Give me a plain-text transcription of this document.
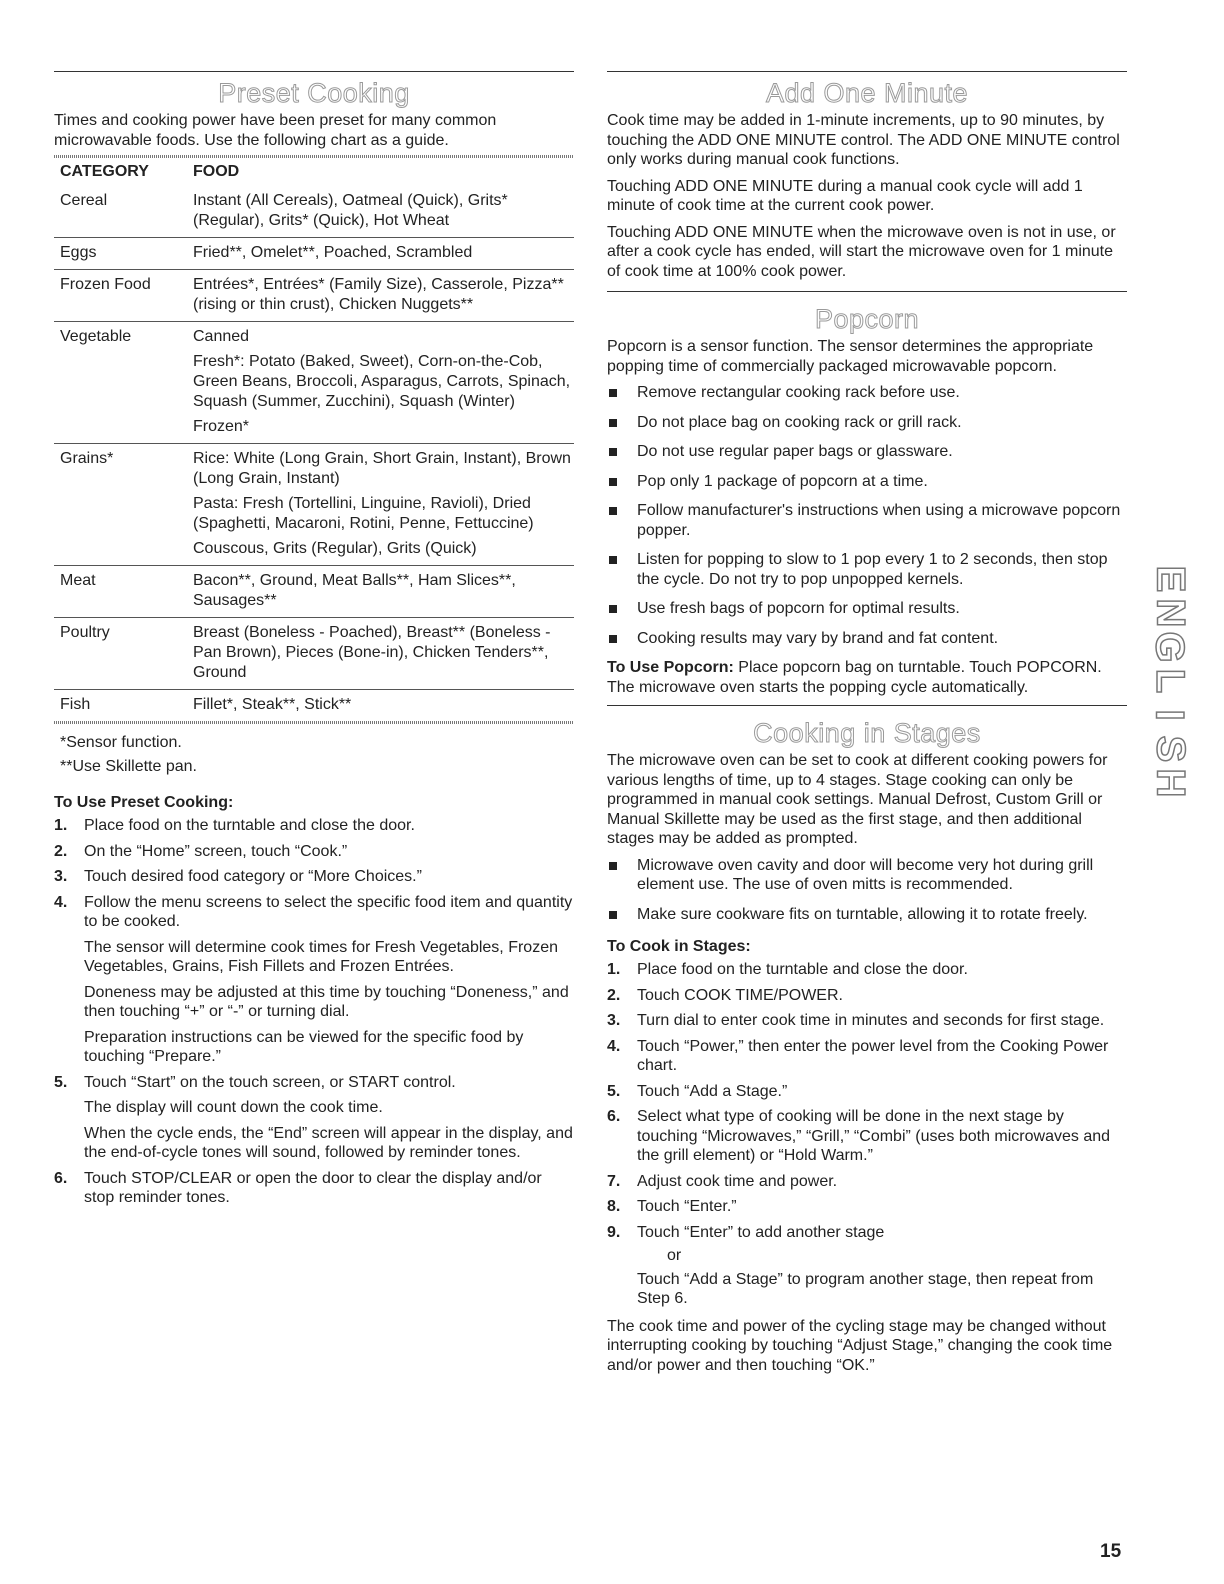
Preset Cooking

Times and cooking power have been preset for many common microwavable foods. Use the following chart as a guide.

CATEGORY	FOOD
Cereal	Instant (All Cereals), Oatmeal (Quick), Grits* (Regular), Grits* (Quick), Hot Wheat

Eggs	Fried**, Omelet**, Poached, Scrambled

Frozen Food	Entrées*, Entrées* (Family Size), Casserole, Pizza** (rising or thin crust), Chicken Nuggets**

Vegetable	Canned
Fresh*: Potato (Baked, Sweet), Corn-on-the-Cob, Green Beans, Broccoli, Asparagus, Carrots, Spinach, Squash (Summer, Zucchini), Squash (Winter)
Frozen*

Grains*	Rice: White (Long Grain, Short Grain, Instant), Brown (Long Grain, Instant)
Pasta: Fresh (Tortellini, Linguine, Ravioli), Dried (Spaghetti, Macaroni, Rotini, Penne, Fettuccine)
Couscous, Grits (Regular), Grits (Quick)

Meat	Bacon**, Ground, Meat Balls**, Ham Slices**, Sausages**

Poultry	Breast (Boneless - Poached), Breast** (Boneless - Pan Brown), Pieces (Bone-in), Chicken Tenders**, Ground

Fish	Fillet*, Steak**, Stick**
*Sensor function.
**Use Skillette pan.
To Use Preset Cooking:
1. Place food on the turntable and close the door.
2. On the “Home” screen, touch “Cook.”
3. Touch desired food category or “More Choices.”
4. Follow the menu screens to select the specific food item and quantity to be cooked.
The sensor will determine cook times for Fresh Vegetables, Frozen Vegetables, Grains, Fish Fillets and Frozen Entrées.
Doneness may be adjusted at this time by touching “Doneness,” and then touching “+” or “-” or turning dial.
Preparation instructions can be viewed for the specific food by touching “Prepare.”
5. Touch “Start” on the touch screen, or START control.
The display will count down the cook time.
When the cycle ends, the “End” screen will appear in the display, and the end-of-cycle tones will sound, followed by reminder tones.
6. Touch STOP/CLEAR or open the door to clear the display and/or stop reminder tones.
Add One Minute

Cook time may be added in 1-minute increments, up to 90 minutes, by touching the ADD ONE MINUTE control. The ADD ONE MINUTE control only works during manual cook functions.

Touching ADD ONE MINUTE during a manual cook cycle will add 1 minute of cook time at the current cook power.

Touching ADD ONE MINUTE when the microwave oven is not in use, or after a cook cycle has ended, will start the microwave oven for 1 minute of cook time at 100% cook power.

Popcorn

Popcorn is a sensor function. The sensor determines the appropriate popping time of commercially packaged microwavable popcorn.

Remove rectangular cooking rack before use.
Do not place bag on cooking rack or grill rack.
Do not use regular paper bags or glassware.
Pop only 1 package of popcorn at a time.
Follow manufacturer's instructions when using a microwave popcorn popper.
Listen for popping to slow to 1 pop every 1 to 2 seconds, then stop the cycle. Do not try to pop unpopped kernels.
Use fresh bags of popcorn for optimal results.
Cooking results may vary by brand and fat content.

To Use Popcorn: Place popcorn bag on turntable. Touch POPCORN. The microwave oven starts the popping cycle automatically.

Cooking in Stages

The microwave oven can be set to cook at different cooking powers for various lengths of time, up to 4 stages. Stage cooking can only be programmed in manual cook settings. Manual Defrost, Custom Grill or Manual Skillette may be used as the first stage, and then additional stages may be added as prompted.

Microwave oven cavity and door will become very hot during grill element use. The use of oven mitts is recommended.
Make sure cookware fits on turntable, allowing it to rotate freely.
To Cook in Stages:
1. Place food on the turntable and close the door.
2. Touch COOK TIME/POWER.
3. Turn dial to enter cook time in minutes and seconds for first stage.
4. Touch “Power,” then enter the power level from the Cooking Power chart.
5. Touch “Add a Stage.”
6. Select what type of cooking will be done in the next stage by touching “Microwaves,” “Grill,” “Combi” (uses both microwaves and the grill element) or “Hold Warm.”
7. Adjust cook time and power.
8. Touch “Enter.”
9. Touch “Enter” to add another stage
or
Touch “Add a Stage” to program another stage, then repeat from Step 6.

The cook time and power of the cycling stage may be changed without interrupting cooking by touching “Adjust Stage,” changing the cook time and/or power and then touching “OK.”

E
N
G
L
I
S
H
15
